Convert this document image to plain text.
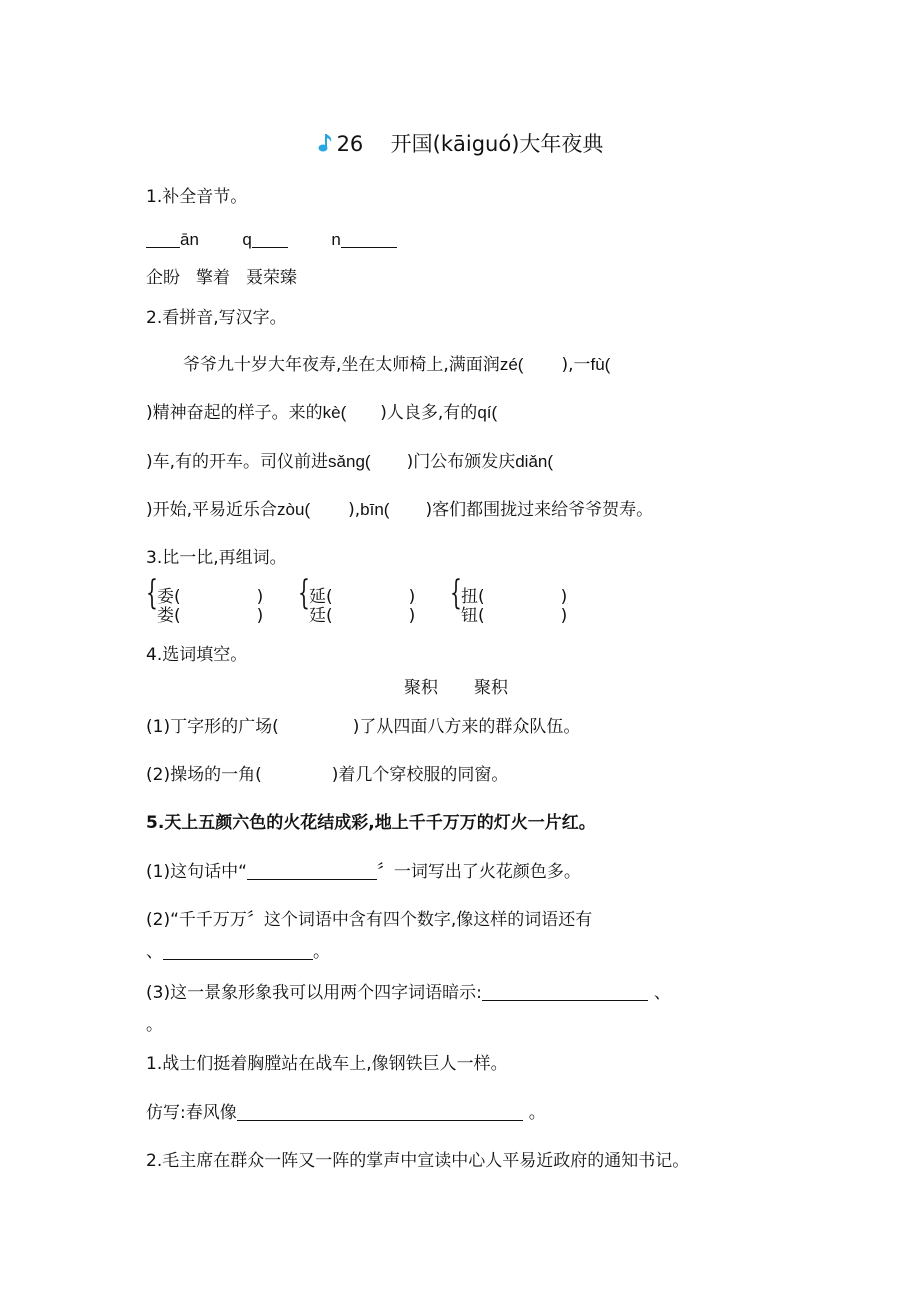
26 开国(kāiguó)大年夜典
1.补全音节。
ān	q	n
企盼 擎着 聂荣臻
2.看拼音,写汉字。
爷爷九十岁大年夜寿,坐在太师椅上,满面润zé( ),一fù(
)精神奋起的样子。来的kè( )人良多,有的qí(
)车,有的开车。司仪前进sǎng( )门公布颁发庆diǎn(
)开始,平易近乐合zòu( ),bīn( )客们都围拢过来给爷爷贺寿。
3.比一比,再组词。
{ 委(	)
娄(	)
{ 延(	)
廷(	)
{ 扭(	)
钮(	)
4.选词填空。
聚积 聚积
(1)丁字形的广场(	)了从四面八方来的群众队伍。
(2)操场的一角(	)着几个穿校服的同窗。
5.天上五颜六色的火花结成彩,地上千千万万的灯火一片红。
(1)这句话中“	〞一词写出了火花颜色多。
(2)“千千万万〞这个词语中含有四个数字,像这样的词语还有
、	。
(3)这一景象形象我可以用两个四字词语暗示:	、
。
1.战士们挺着胸膛站在战车上,像钢铁巨人一样。
仿写:春风像	。
2.毛主席在群众一阵又一阵的掌声中宣读中心人平易近政府的通知书记。
